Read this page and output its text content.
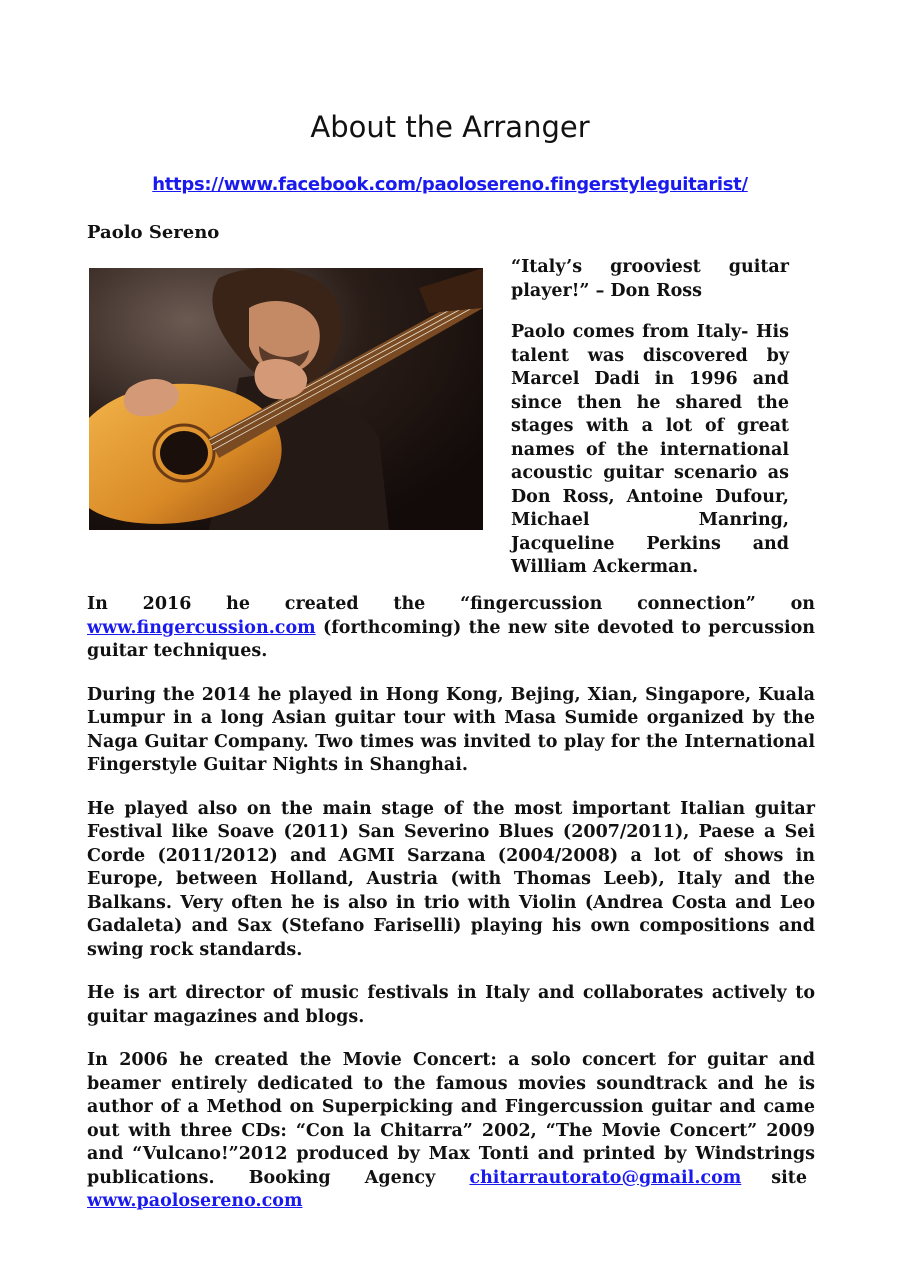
About the Arranger
https://www.facebook.com/paolosereno.fingerstyleguitarist/
Paolo Sereno

“Italy’s grooviest guitar player!” – Don Ross

Paolo comes from Italy- His talent was discovered by Marcel Dadi in 1996 and since then he shared the stages with a lot of great names of the international acoustic guitar scenario as Don Ross, Antoine Dufour, Michael Manring, Jacqueline Perkins and William Ackerman.

In 2016 he created the “fingercussion connection” on www.fingercussion.com (forthcoming) the new site devoted to percussion guitar techniques.

During the 2014 he played in Hong Kong, Bejing, Xian, Singapore, Kuala Lumpur in a long Asian guitar tour with Masa Sumide organized by the Naga Guitar Company. Two times was invited to play for the International Fingerstyle Guitar Nights in Shanghai.

He played also on the main stage of the most important Italian guitar Festival like Soave (2011) San Severino Blues (2007/2011), Paese a Sei Corde (2011/2012) and AGMI Sarzana (2004/2008) a lot of shows in Europe, between Holland, Austria (with Thomas Leeb), Italy and the Balkans. Very often he is also in trio with Violin (Andrea Costa and Leo Gadaleta) and Sax (Stefano Fariselli) playing his own compositions and swing rock standards.

He is art director of music festivals in Italy and collaborates actively to guitar magazines and blogs.

In 2006 he created the Movie Concert: a solo concert for guitar and beamer entirely dedicated to the famous movies soundtrack and he is author of a Method on Superpicking and Fingercussion guitar and came out with three CDs: “Con la Chitarra” 2002, “The Movie Concert” 2009 and “Vulcano!”2012 produced by Max Tonti and printed by Windstrings publications. Booking Agency chitarrautorato@gmail.com sitewww.paolosereno.com
